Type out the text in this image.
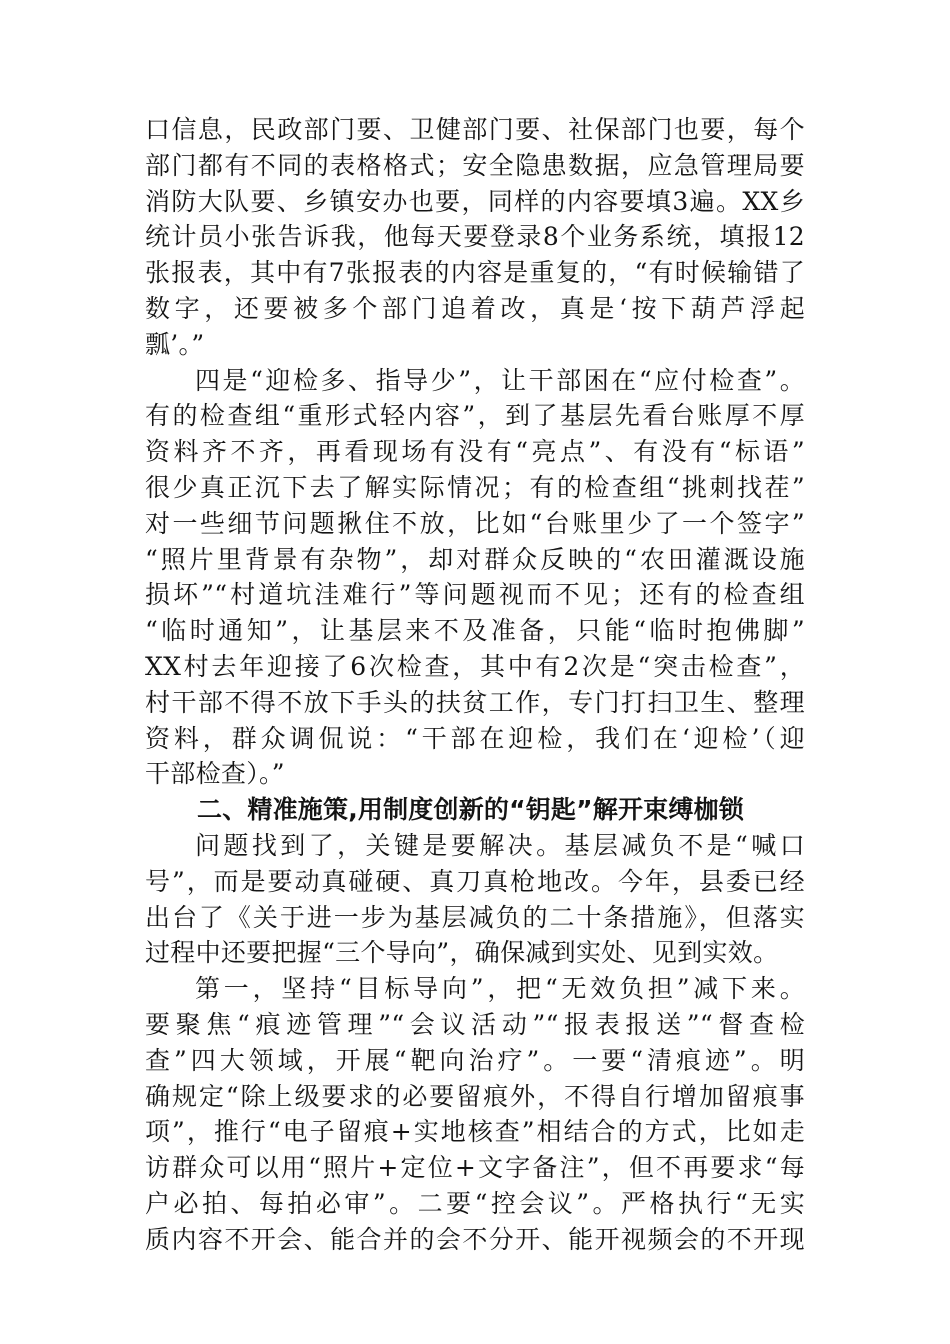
口信息，民政部门要、卫健部门要、社保部门也要，每个
部门都有不同的表格格式；安全隐患数据，应急管理局要
消防大队要、乡镇安办也要，同样的内容要填3遍。XX乡
统计员小张告诉我，他每天要登录8个业务系统，填报12
张报表，其中有7张报表的内容是重复的，“有时候输错了
数字，还要被多个部门追着改，真是‘按下葫芦浮起
瓢’。”
四是“迎检多、指导少”，让干部困在“应付检查”。
有的检查组“重形式轻内容”，到了基层先看台账厚不厚
资料齐不齐，再看现场有没有“亮点”、有没有“标语”
很少真正沉下去了解实际情况；有的检查组“挑刺找茬”
对一些细节问题揪住不放，比如“台账里少了一个签字”
“照片里背景有杂物”，却对群众反映的“农田灌溉设施
损坏”“村道坑洼难行”等问题视而不见；还有的检查组
“临时通知”，让基层来不及准备，只能“临时抱佛脚”
XX村去年迎接了6次检查，其中有2次是“突击检查”，
村干部不得不放下手头的扶贫工作，专门打扫卫生、整理
资料，群众调侃说：“干部在迎检，我们在‘迎检’（迎
干部检查）。”
二、精准施策,用制度创新的“钥匙”解开束缚枷锁
问题找到了，关键是要解决。基层减负不是“喊口
号”，而是要动真碰硬、真刀真枪地改。今年，县委已经
出台了《关于进一步为基层减负的二十条措施》，但落实
过程中还要把握“三个导向”，确保减到实处、见到实效。
第一，坚持“目标导向”，把“无效负担”减下来。
要聚焦“痕迹管理”“会议活动”“报表报送”“督查检
查”四大领域，开展“靶向治疗”。一要“清痕迹”。明
确规定“除上级要求的必要留痕外，不得自行增加留痕事
项”，推行“电子留痕+实地核查”相结合的方式，比如走
访群众可以用“照片+定位+文字备注”，但不再要求“每
户必拍、每拍必审”。二要“控会议”。严格执行“无实
质内容不开会、能合并的会不分开、能开视频会的不开现
